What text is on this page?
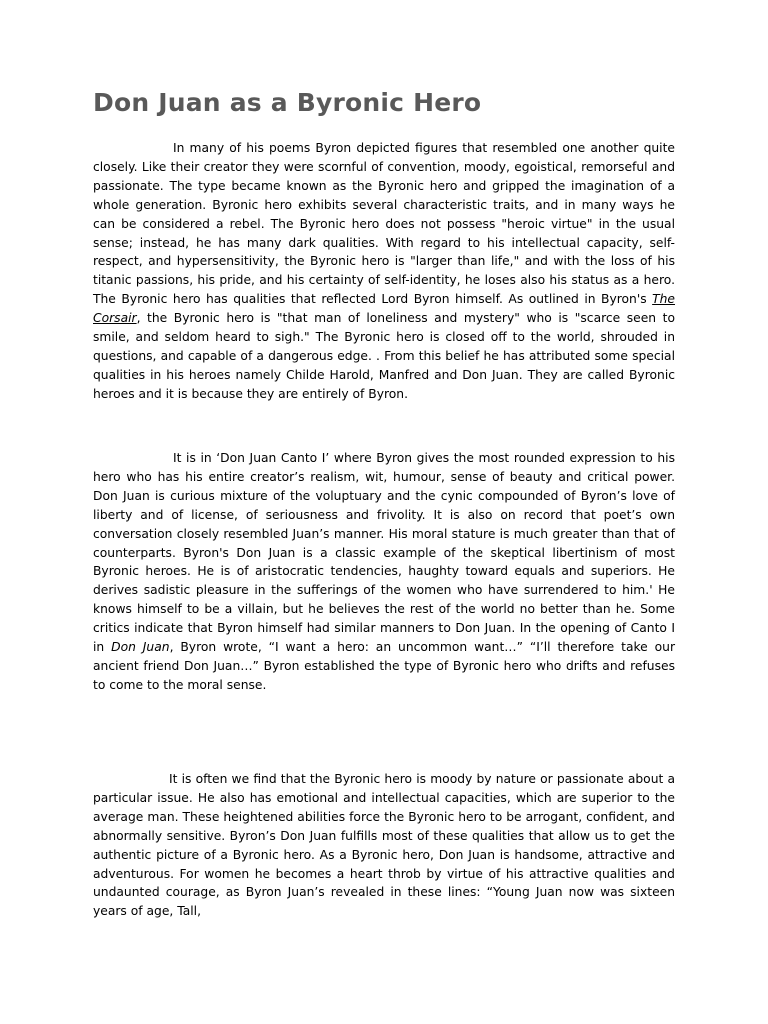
Don Juan as a Byronic Hero

In many of his poems Byron depicted figures that resembled one another quite closely. Like their creator they were scornful of convention, moody, egoistical, remorseful and passionate. The type became known as the Byronic hero and gripped the imagination of a whole generation. Byronic hero exhibits several characteristic traits, and in many ways he can be considered a rebel. The Byronic hero does not possess "heroic virtue" in the usual sense; instead, he has many dark qualities. With regard to his intellectual capacity, self-respect, and hypersensitivity, the Byronic hero is "larger than life," and with the loss of his titanic passions, his pride, and his certainty of self-identity, he loses also his status as a hero. The Byronic hero has qualities that reflected Lord Byron himself. As outlined in Byron's The Corsair, the Byronic hero is "that man of loneliness and mystery" who is "scarce seen to smile, and seldom heard to sigh." The Byronic hero is closed off to the world, shrouded in questions, and capable of a dangerous edge. . From this belief he has attributed some special qualities in his heroes namely Childe Harold, Manfred and Don Juan. They are called Byronic heroes and it is because they are entirely of Byron.

It is in ‘Don Juan Canto I’ where Byron gives the most rounded expression to his hero who has his entire creator’s realism, wit, humour, sense of beauty and critical power. Don Juan is curious mixture of the voluptuary and the cynic compounded of Byron’s love of liberty and of license, of seriousness and frivolity. It is also on record that poet’s own conversation closely resembled Juan’s manner. His moral stature is much greater than that of counterparts. Byron's Don Juan is a classic example of the skeptical libertinism of most Byronic heroes. He is of aristocratic tendencies, haughty toward equals and superiors. He derives sadistic pleasure in the sufferings of the women who have surrendered to him.' He knows himself to be a villain, but he believes the rest of the world no better than he. Some critics indicate that Byron himself had similar manners to Don Juan. In the opening of Canto I in Don Juan, Byron wrote, “I want a hero: an uncommon want…” “I’ll therefore take our ancient friend Don Juan…” Byron established the type of Byronic hero who drifts and refuses to come to the moral sense.

It is often we find that the Byronic hero is moody by nature or passionate about a particular issue. He also has emotional and intellectual capacities, which are superior to the average man. These heightened abilities force the Byronic hero to be arrogant, confident, and abnormally sensitive. Byron’s Don Juan fulfills most of these qualities that allow us to get the authentic picture of a Byronic hero. As a Byronic hero, Don Juan is handsome, attractive and adventurous. For women he becomes a heart throb by virtue of his attractive qualities and undaunted courage, as Byron Juan’s revealed in these lines: “Young Juan now was sixteen years of age, Tall,
